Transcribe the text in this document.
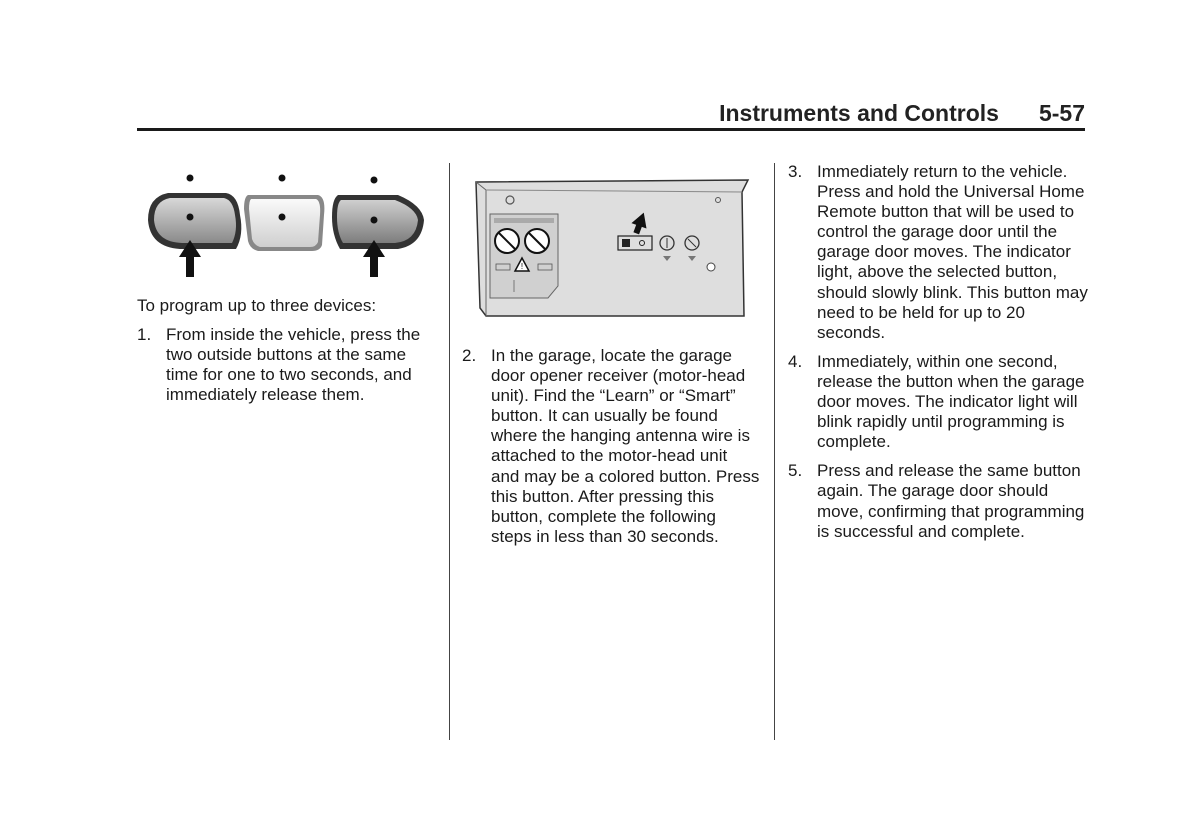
Instruments and Controls 5-57
!

To program up to three devices:

1. From inside the vehicle, press the two outside buttons at the same time for one to two seconds, and immediately release them.
2. In the garage, locate the garage door opener receiver (motor-head unit). Find the “Learn” or “Smart” button. It can usually be found where the hanging antenna wire is attached to the motor-head unit and may be a colored button. Press this button. After pressing this button, complete the following steps in less than 30 seconds.
3. Immediately return to the vehicle. Press and hold the Universal Home Remote button that will be used to control the garage door until the garage door moves. The indicator light, above the selected button, should slowly blink. This button may need to be held for up to 20 seconds.
4. Immediately, within one second, release the button when the garage door moves. The indicator light will blink rapidly until programming is complete.
5. Press and release the same button again. The garage door should move, confirming that programming is successful and complete.
